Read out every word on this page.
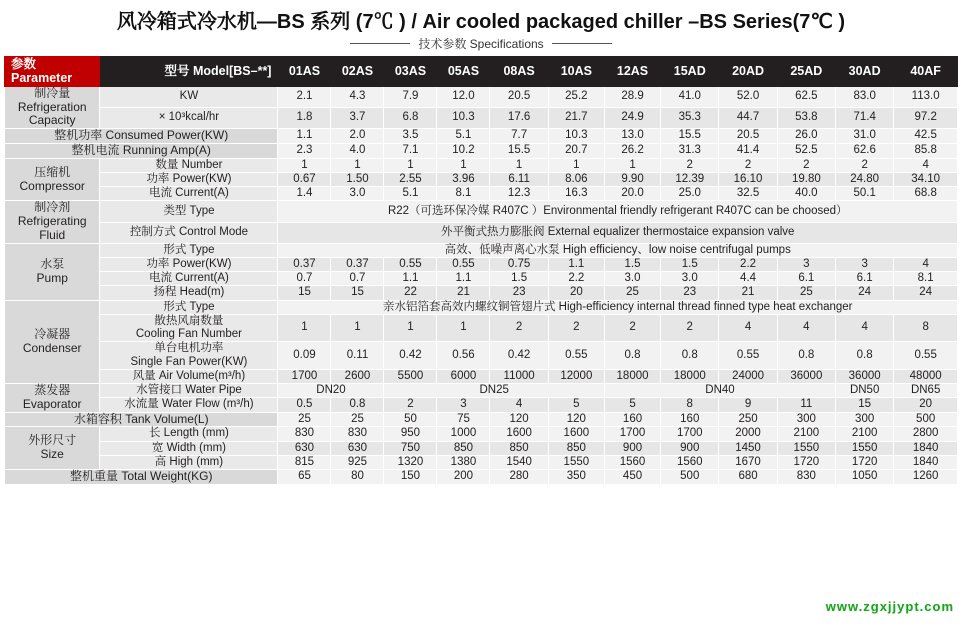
风冷箱式冷水机—BS 系列 (7℃ ) / Air cooled packaged chiller –BS Series(7℃ )
技术参数 Specifications
参数 Parameter	型号 Model[BS–**]	01AS	02AS	03AS	05AS	08AS	10AS	12AS	15AD	20AD	25AD	30AD	40AF
制冷量
Refrigeration Capacity	KW	2.1	4.3	7.9	12.0	20.5	25.2	28.9	41.0	52.0	62.5	83.0	113.0
	× 10³kcal/hr	1.8	3.7	6.8	10.3	17.6	21.7	24.9	35.3	44.7	53.8	71.4	97.2
整机功率 Consumed Power(KW)		1.1	2.0	3.5	5.1	7.7	10.3	13.0	15.5	20.5	26.0	31.0	42.5
整机电流 Running Amp(A)		2.3	4.0	7.1	10.2	15.5	20.7	26.2	31.3	41.4	52.5	62.6	85.8
压缩机
Compressor	数量 Number	1	1	1	1	1	1	1	2	2	2	2	4
	功率 Power(KW)	0.67	1.50	2.55	3.96	6.11	8.06	9.90	12.39	16.10	19.80	24.80	34.10
	电流 Current(A)	1.4	3.0	5.1	8.1	12.3	16.3	20.0	25.0	32.5	40.0	50.1	68.8
制冷剂
Refrigerating Fluid	类型 Type	R22（可选环保冷媒 R407C ）Environmental friendly refrigerant R407C can be choosed）											
	控制方式 Control Mode	外平衡式热力膨胀阀 External equalizer thermostaice expansion valve											
水泵
Pump	形式 Type	高效、低噪声离心水泵 High efficiency、low noise centrifugal pumps											
	功率 Power(KW)	0.37	0.37	0.55	0.55	0.75	1.1	1.5	1.5	2.2	3	3	4
	电流 Current(A)	0.7	0.7	1.1	1.1	1.5	2.2	3.0	3.0	4.4	6.1	6.1	8.1
	扬程 Head(m)	15	15	22	21	23	20	25	23	21	25	24	24
冷凝器
Condenser	形式 Type	亲水铝箔套高效内螺纹铜管翅片式 High-efficiency internal thread finned type heat exchanger											
	散热风扇数量
Cooling Fan Number	1	1	1	1	2	2	2	2	4	4	4	8
	单台电机功率
Single Fan Power(KW)	0.09	0.11	0.42	0.56	0.42	0.55	0.8	0.8	0.55	0.8	0.8	0.55
	风量 Air Volume(m³/h)	1700	2600	5500	6000	11000	12000	18000	18000	24000	36000	36000	48000
蒸发器
Evaporator	水管接口 Water Pipe	DN20		DN25				DN40				DN50	DN65
	水流量 Water Flow (m³/h)	0.5	0.8	2	3	4	5	5	8	9	11	15	20
水箱容积 Tank Volume(L)		25	25	50	75	120	120	160	160	250	300	300	500
外形尺寸
Size	长 Length (mm)	830	830	950	1000	1600	1600	1700	1700	2000	2100	2100	2800
	宽 Width (mm)	630	630	750	850	850	850	900	900	1450	1550	1550	1840
	高 High (mm)	815	925	1320	1380	1540	1550	1560	1560	1670	1720	1720	1840
整机重量 Total Weight(KG)		65	80	150	200	280	350	450	500	680	830	1050	1260
www.zgxjjypt.com
